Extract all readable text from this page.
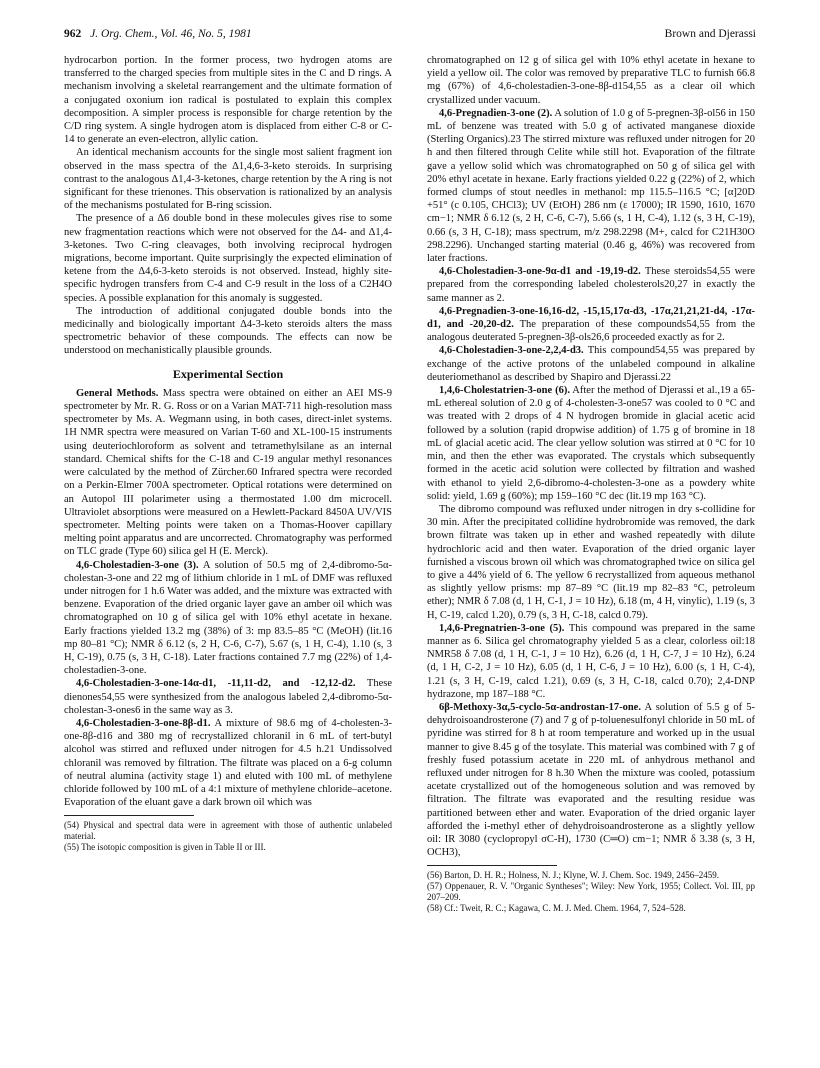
962 J. Org. Chem., Vol. 46, No. 5, 1981	Brown and Djerassi

hydrocarbon portion. In the former process, two hydrogen atoms are transferred to the charged species from multiple sites in the C and D rings. A mechanism involving a skeletal rearrangement and the ultimate formation of a conjugated oxonium ion radical is postulated to explain this complex decomposition. A simpler process is responsible for charge retention by the C/D ring system. A single hydrogen atom is displaced from either C-8 or C-14 to generate an even-electron, allylic cation.

An identical mechanism accounts for the single most salient fragment ion observed in the mass spectra of the Δ1,4,6-3-keto steroids. In surprising contrast to the analogous Δ1,4-3-ketones, charge retention by the A ring is not significant for these trienones. This observation is rationalized by an analysis of the mechanisms postulated for B-ring scission.

The presence of a Δ6 double bond in these molecules gives rise to some new fragmentation reactions which were not observed for the Δ4- and Δ1,4-3-ketones. Two C-ring cleavages, both involving reciprocal hydrogen migrations, become important. Quite surprisingly the expected elimination of ketene from the Δ4,6-3-keto steroids is not observed. Instead, highly site-specific hydrogen transfers from C-4 and C-9 result in the loss of a C2H4O species. A possible explanation for this anomaly is suggested.

The introduction of additional conjugated double bonds into the medicinally and biologically important Δ4-3-keto steroids alters the mass spectrometric behavior of these compounds. The effects can now be understood on mechanistically plausible grounds.

Experimental Section

General Methods. Mass spectra were obtained on either an AEI MS-9 spectrometer by Mr. R. G. Ross or on a Varian MAT-711 high-resolution mass spectrometer by Ms. A. Wegmann using, in both cases, direct-inlet systems. 1H NMR spectra were measured on Varian T-60 and XL-100-15 instruments using deuteriochloroform as solvent and tetramethylsilane as an internal standard. Chemical shifts for the C-18 and C-19 angular methyl resonances were calculated by the method of Zürcher.60 Infrared spectra were recorded on a Perkin-Elmer 700A spectrometer. Optical rotations were determined on an Autopol III polarimeter using a thermostated 1.00 dm microcell. Ultraviolet absorptions were measured on a Hewlett-Packard 8450A UV/VIS spectrometer. Melting points were taken on a Thomas-Hoover capillary melting point apparatus and are uncorrected. Chromatography was performed on TLC grade (Type 60) silica gel H (E. Merck).

4,6-Cholestadien-3-one (3). A solution of 50.5 mg of 2,4-dibromo-5α-cholestan-3-one and 22 mg of lithium chloride in 1 mL of DMF was refluxed under nitrogen for 1 h.6 Water was added, and the mixture was extracted with benzene. Evaporation of the dried organic layer gave an amber oil which was chromatographed on 10 g of silica gel with 10% ethyl acetate in hexane. Early fractions yielded 13.2 mg (38%) of 3: mp 83.5–85 °C (MeOH) (lit.16 mp 80–81 °C); NMR δ 6.12 (s, 2 H, C-6, C-7), 5.67 (s, 1 H, C-4), 1.10 (s, 3 H, C-19), 0.75 (s, 3 H, C-18). Later fractions contained 7.7 mg (22%) of 1,4-cholestadien-3-one.

4,6-Cholestadien-3-one-14α-d1, -11,11-d2, and -12,12-d2. These dienones54,55 were synthesized from the analogous labeled 2,4-dibromo-5α-cholestan-3-ones6 in the same way as 3.

4,6-Cholestadien-3-one-8β-d1. A mixture of 98.6 mg of 4-cholesten-3-one-8β-d16 and 380 mg of recrystallized chloranil in 6 mL of tert-butyl alcohol was stirred and refluxed under nitrogen for 4.5 h.21 Undissolved chloranil was removed by filtration. The filtrate was placed on a 6-g column of neutral alumina (activity stage 1) and eluted with 100 mL of methylene chloride followed by 100 mL of a 4:1 mixture of methylene chloride–acetone. Evaporation of the eluant gave a dark brown oil which was

(54) Physical and spectral data were in agreement with those of authentic unlabeled material.

(55) The isotopic composition is given in Table II or III.

chromatographed on 12 g of silica gel with 10% ethyl acetate in hexane to yield a yellow oil. The color was removed by preparative TLC to furnish 66.8 mg (67%) of 4,6-cholestadien-3-one-8β-d154,55 as a clear oil which crystallized under vacuum.

4,6-Pregnadien-3-one (2). A solution of 1.0 g of 5-pregnen-3β-ol56 in 150 mL of benzene was treated with 5.0 g of activated manganese dioxide (Sterling Organics).23 The stirred mixture was refluxed under nitrogen for 20 h and then filtered through Celite while still hot. Evaporation of the filtrate gave a yellow solid which was chromatographed on 50 g of silica gel with 20% ethyl acetate in hexane. Early fractions yielded 0.22 g (22%) of 2, which formed clumps of stout needles in methanol: mp 115.5–116.5 °C; [α]20D +51° (c 0.105, CHCl3); UV (EtOH) 286 nm (ε 17000); IR 1590, 1610, 1670 cm−1; NMR δ 6.12 (s, 2 H, C-6, C-7), 5.66 (s, 1 H, C-4), 1.12 (s, 3 H, C-19), 0.66 (s, 3 H, C-18); mass spectrum, m/z 298.2298 (M+, calcd for C21H30O 298.2296). Unchanged starting material (0.46 g, 46%) was recovered from later fractions.

4,6-Cholestadien-3-one-9α-d1 and -19,19-d2. These steroids54,55 were prepared from the corresponding labeled cholesterols20,27 in exactly the same manner as 2.

4,6-Pregnadien-3-one-16,16-d2, -15,15,17α-d3, -17α,21,21,21-d4, -17α-d1, and -20,20-d2. The preparation of these compounds54,55 from the analogous deuterated 5-pregnen-3β-ols26,6 proceeded exactly as for 2.

4,6-Cholestadien-3-one-2,2,4-d3. This compound54,55 was prepared by exchange of the active protons of the unlabeled compound in alkaline deuteriomethanol as described by Shapiro and Djerassi.22

1,4,6-Cholestatrien-3-one (6). After the method of Djerassi et al.,19 a 65-mL ethereal solution of 2.0 g of 4-cholesten-3-one57 was cooled to 0 °C and was treated with 2 drops of 4 N hydrogen bromide in glacial acetic acid followed by a solution (rapid dropwise addition) of 1.75 g of bromine in 18 mL of glacial acetic acid. The clear yellow solution was stirred at 0 °C for 10 min, and then the ether was evaporated. The crystals which subsequently formed in the acetic acid solution were collected by filtration and washed with ethanol to yield 2,6-dibromo-4-cholesten-3-one as a powdery white solid: yield, 1.69 g (60%); mp 159–160 °C dec (lit.19 mp 163 °C).

The dibromo compound was refluxed under nitrogen in dry s-collidine for 30 min. After the precipitated collidine hydrobromide was removed, the dark brown filtrate was taken up in ether and washed repeatedly with dilute hydrochloric acid and then water. Evaporation of the dried organic layer furnished a viscous brown oil which was chromatographed twice on silica gel to give a 44% yield of 6. The yellow 6 recrystallized from aqueous methanol as slightly yellow prisms: mp 87–89 °C (lit.19 mp 82–83 °C, petroleum ether); NMR δ 7.08 (d, 1 H, C-1, J = 10 Hz), 6.18 (m, 4 H, vinylic), 1.19 (s, 3 H, C-19, calcd 1.20), 0.79 (s, 3 H, C-18, calcd 0.79).

1,4,6-Pregnatrien-3-one (5). This compound was prepared in the same manner as 6. Silica gel chromatography yielded 5 as a clear, colorless oil:18 NMR58 δ 7.08 (d, 1 H, C-1, J = 10 Hz), 6.26 (d, 1 H, C-7, J = 10 Hz), 6.24 (d, 1 H, C-2, J = 10 Hz), 6.05 (d, 1 H, C-6, J = 10 Hz), 6.00 (s, 1 H, C-4), 1.21 (s, 3 H, C-19, calcd 1.21), 0.69 (s, 3 H, C-18, calcd 0.70); 2,4-DNP hydrazone, mp 187–188 °C.

6β-Methoxy-3α,5-cyclo-5α-androstan-17-one. A solution of 5.5 g of 5-dehydroisoandrosterone (7) and 7 g of p-toluenesulfonyl chloride in 50 mL of pyridine was stirred for 8 h at room temperature and worked up in the usual manner to give 8.45 g of the tosylate. This material was combined with 7 g of freshly fused potassium acetate in 220 mL of anhydrous methanol and refluxed under nitrogen for 8 h.30 When the mixture was cooled, potassium acetate crystallized out of the homogeneous solution and was removed by filtration. The filtrate was evaporated and the resulting residue was partitioned between ether and water. Evaporation of the dried organic layer afforded the i-methyl ether of dehydroisoandrosterone as a slightly yellow oil: IR 3080 (cyclopropyl σC-H), 1730 (C═O) cm−1; NMR δ 3.38 (s, 3 H, OCH3),

(56) Barton, D. H. R.; Holness, N. J.; Klyne, W. J. Chem. Soc. 1949, 2456–2459.

(57) Oppenauer, R. V. "Organic Syntheses"; Wiley: New York, 1955; Collect. Vol. III, pp 207–209.

(58) Cf.: Tweit, R. C.; Kagawa, C. M. J. Med. Chem. 1964, 7, 524–528.
